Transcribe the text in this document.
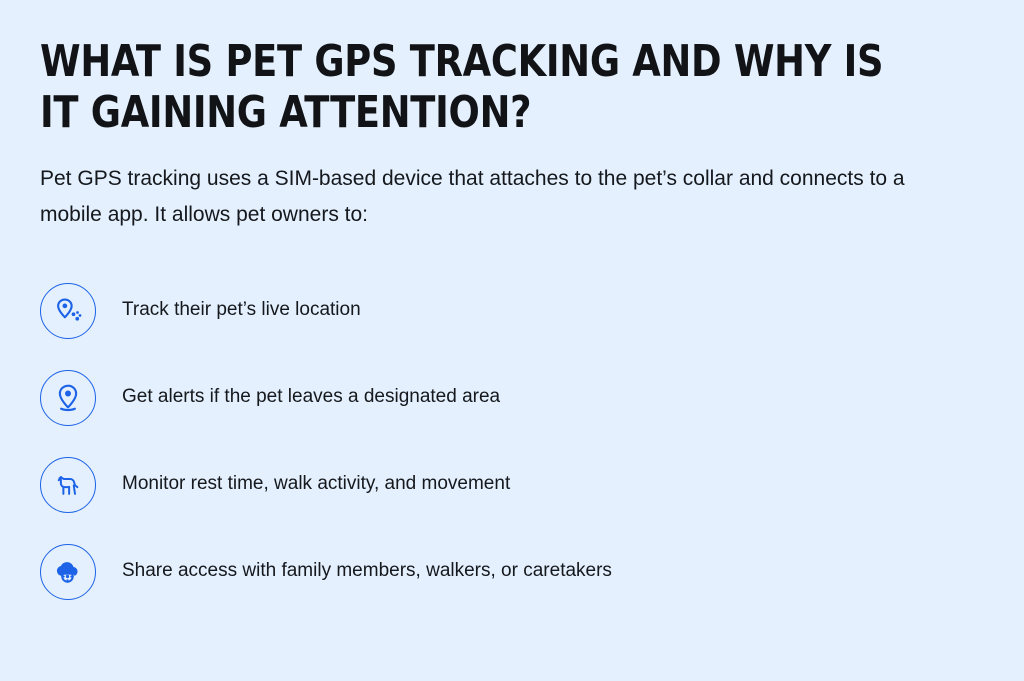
WHAT IS PET GPS TRACKING AND WHY IS IT GAINING ATTENTION?

Pet GPS tracking uses a SIM-based device that attaches to the pet’s collar and connects to a mobile app. It allows pet owners to:

Track their pet’s live location
Get alerts if the pet leaves a designated area
Monitor rest time, walk activity, and movement
Share access with family members, walkers, or caretakers
